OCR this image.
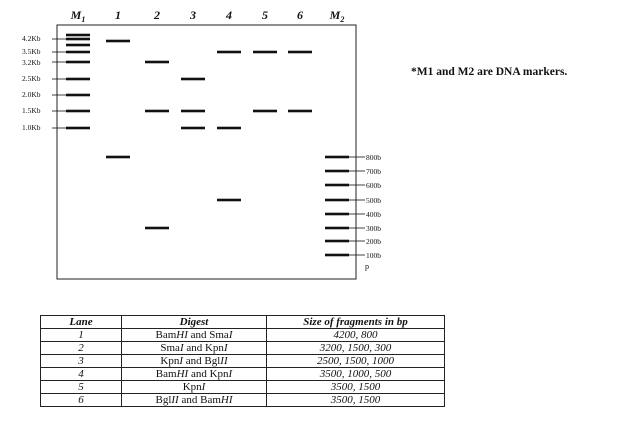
$M_1$ 1	2	3	4	5 6 $M_2$
4.2Kb
3.5Kb
3.2Kb
2.5Kb
2.0Kb
1.5Kb
1.0Kb
800b
700b
600b
500b
400b
300b
200b
100b
p
*M1 and M2 are DNA markers.
Lane	Digest	Size of fragments in bp
1	BamHI and SmaI	4200, 800
2	SmaI and KpnI	3200, 1500, 300
3	KpnI and BglII	2500, 1500, 1000
4	BamHI and KpnI	3500, 1000, 500
5	KpnI	3500, 1500
6	BglII and BamHI	3500, 1500
